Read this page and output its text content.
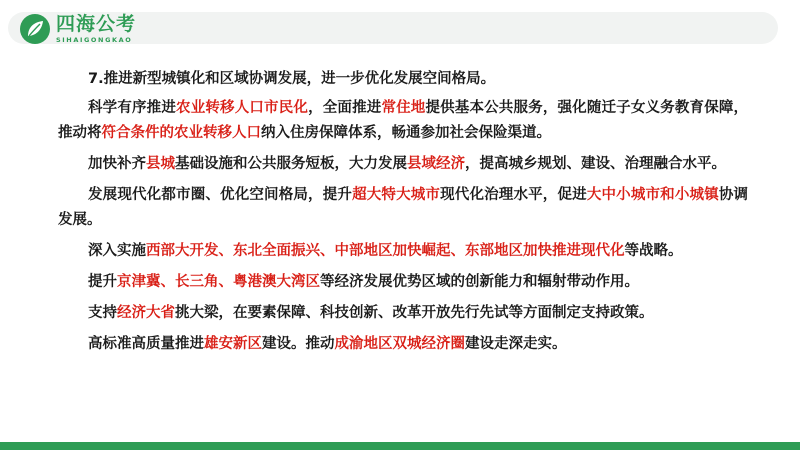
四海公考
SIHAIGONGKAO

7.推进新型城镇化和区域协调发展，进一步优化发展空间格局。

科学有序推进农业转移人口市民化，全面推进常住地提供基本公共服务，强化随迁子女义务教育保障，推动将符合条件的农业转移人口纳入住房保障体系，畅通参加社会保险渠道。

加快补齐县城基础设施和公共服务短板，大力发展县域经济，提高城乡规划、建设、治理融合水平。

发展现代化都市圈、优化空间格局，提升超大特大城市现代化治理水平，促进大中小城市和小城镇协调发展。

深入实施西部大开发、东北全面振兴、中部地区加快崛起、东部地区加快推进现代化等战略。

提升京津冀、长三角、粤港澳大湾区等经济发展优势区域的创新能力和辐射带动作用。

支持经济大省挑大梁，在要素保障、科技创新、改革开放先行先试等方面制定支持政策。

高标准高质量推进雄安新区建设。推动成渝地区双城经济圈建设走深走实。
